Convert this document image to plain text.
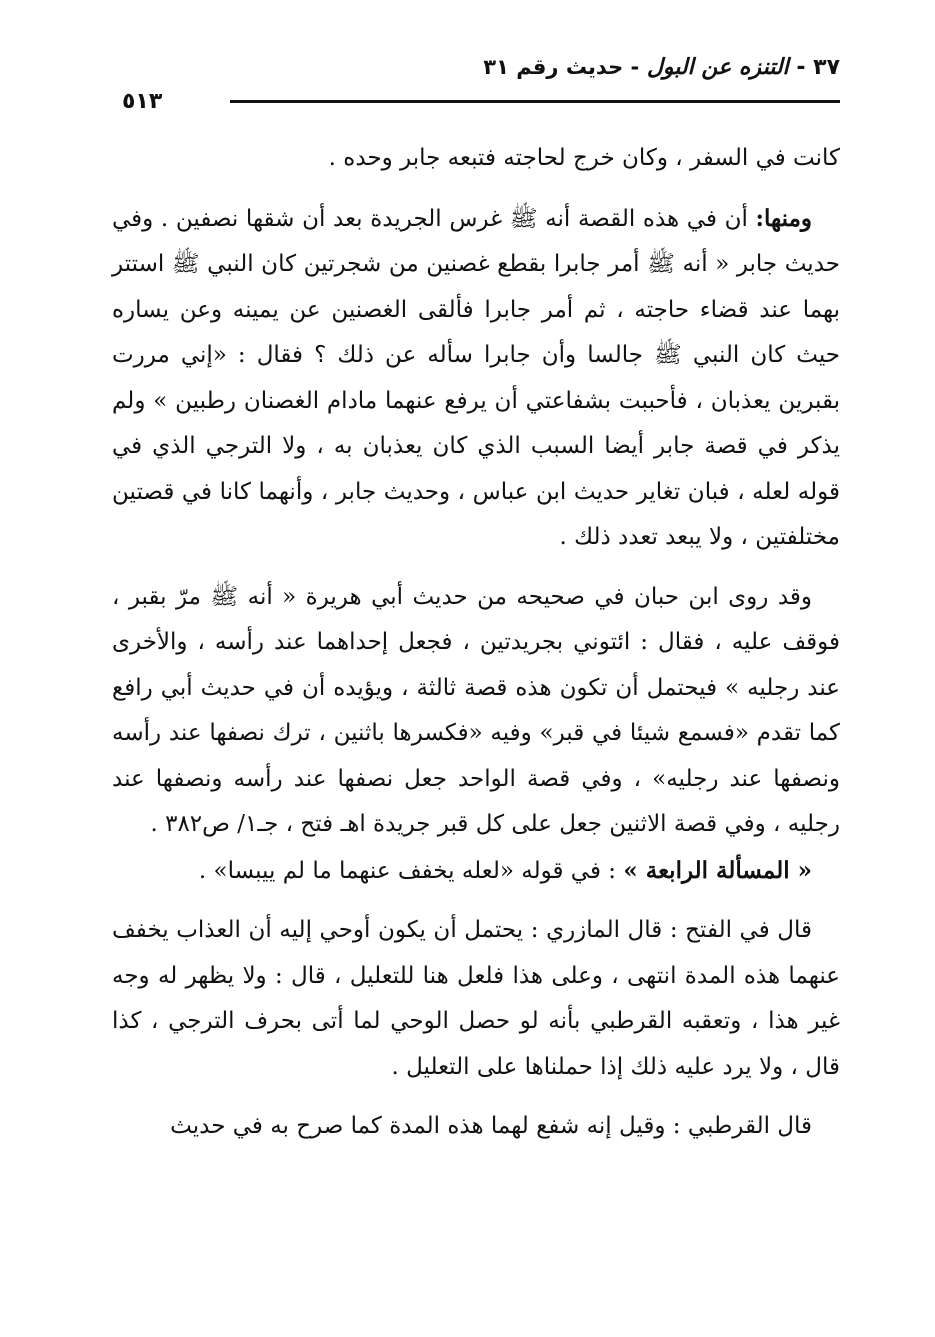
٣٧ - التنزه عن البول - حديث رقم ٣١
٥١٣

كانت في السفر ، وكان خرج لحاجته فتبعه جابر وحده .

ومنها: أن في هذه القصة أنه ﷺ غرس الجريدة بعد أن شقها نصفين . وفي حديث جابر « أنه ﷺ أمر جابرا بقطع غصنين من شجرتين كان النبي ﷺ استتر بهما عند قضاء حاجته ، ثم أمر جابرا فألقى الغصنين عن يمينه وعن يساره حيث كان النبي ﷺ جالسا وأن جابرا سأله عن ذلك ؟ فقال : «إني مررت بقبرين يعذبان ، فأحببت بشفاعتي أن يرفع عنهما مادام الغصنان رطبين » ولم يذكر في قصة جابر أيضا السبب الذي كان يعذبان به ، ولا الترجي الذي في قوله لعله ، فبان تغاير حديث ابن عباس ، وحديث جابر ، وأنهما كانا في قصتين مختلفتين ، ولا يبعد تعدد ذلك .

وقد روى ابن حبان في صحيحه من حديث أبي هريرة « أنه ﷺ مرّ بقبر ، فوقف عليه ، فقال : ائتوني بجريدتين ، فجعل إحداهما عند رأسه ، والأخرى عند رجليه » فيحتمل أن تكون هذه قصة ثالثة ، ويؤيده أن في حديث أبي رافع كما تقدم «فسمع شيئا في قبر» وفيه «فكسرها باثنين ، ترك نصفها عند رأسه ونصفها عند رجليه» ، وفي قصة الواحد جعل نصفها عند رأسه ونصفها عند رجليه ، وفي قصة الاثنين جعل على كل قبر جريدة اهـ فتح ، جـ١/ ص٣٨٢ .

« المسألة الرابعة » : في قوله «لعله يخفف عنهما ما لم ييبسا» .

قال في الفتح : قال المازري : يحتمل أن يكون أوحي إليه أن العذاب يخفف عنهما هذه المدة انتهى ، وعلى هذا فلعل هنا للتعليل ، قال : ولا يظهر له وجه غير هذا ، وتعقبه القرطبي بأنه لو حصل الوحي لما أتى بحرف الترجي ، كذا قال ، ولا يرد عليه ذلك إذا حملناها على التعليل .

قال القرطبي : وقيل إنه شفع لهما هذه المدة كما صرح به في حديث
